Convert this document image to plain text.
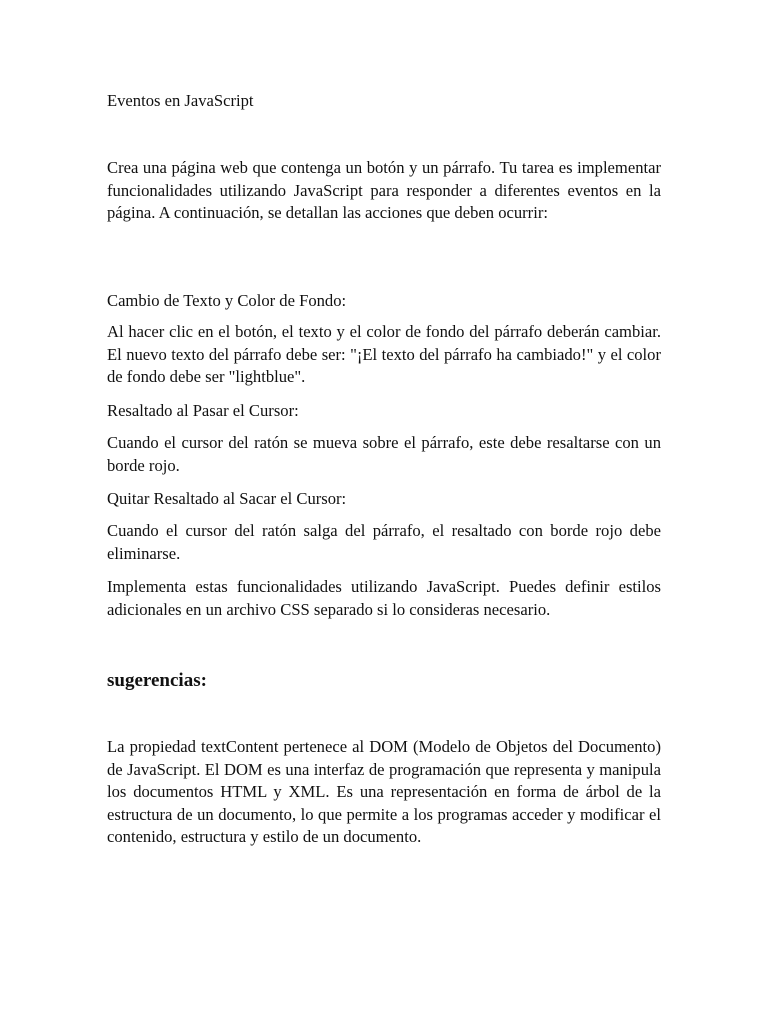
Eventos en JavaScript

Crea una página web que contenga un botón y un párrafo. Tu tarea es implementar funcionalidades utilizando JavaScript para responder a diferentes eventos en la página. A continuación, se detallan las acciones que deben ocurrir:

Cambio de Texto y Color de Fondo:

Al hacer clic en el botón, el texto y el color de fondo del párrafo deberán cambiar. El nuevo texto del párrafo debe ser: "¡El texto del párrafo ha cambiado!" y el color de fondo debe ser "lightblue".

Resaltado al Pasar el Cursor:

Cuando el cursor del ratón se mueva sobre el párrafo, este debe resaltarse con un borde rojo.

Quitar Resaltado al Sacar el Cursor:

Cuando el cursor del ratón salga del párrafo, el resaltado con borde rojo debe eliminarse.

Implementa estas funcionalidades utilizando JavaScript. Puedes definir estilos adicionales en un archivo CSS separado si lo consideras necesario.

sugerencias:

La propiedad textContent pertenece al DOM (Modelo de Objetos del Documento) de JavaScript. El DOM es una interfaz de programación que representa y manipula los documentos HTML y XML. Es una representación en forma de árbol de la estructura de un documento, lo que permite a los programas acceder y modificar el contenido, estructura y estilo de un documento.
